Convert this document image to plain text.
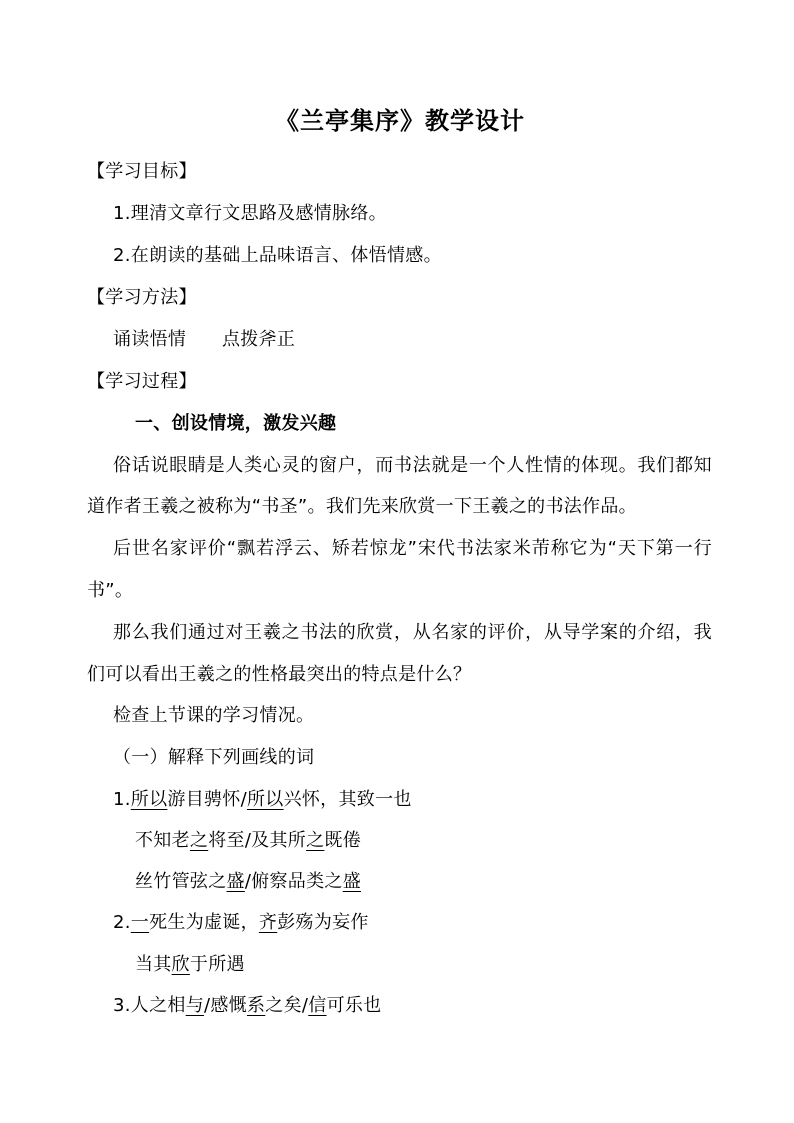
《兰亭集序》教学设计
【学习目标】
1.理清文章行文思路及感情脉络。
2.在朗读的基础上品味语言、体悟情感。
【学习方法】
诵读悟情 点拨斧正
【学习过程】
一、创设情境，激发兴趣
俗话说眼睛是人类心灵的窗户，而书法就是一个人性情的体现。我们都知
道作者王羲之被称为“书圣”。我们先来欣赏一下王羲之的书法作品。
后世名家评价“飘若浮云、矫若惊龙”宋代书法家米芾称它为“天下第一行
书”。
那么我们通过对王羲之书法的欣赏，从名家的评价，从导学案的介绍，我
们可以看出王羲之的性格最突出的特点是什么？
检查上节课的学习情况。
（一）解释下列画线的词
1.所以游目骋怀/所以兴怀，其致一也
不知老之将至/及其所之既倦
丝竹管弦之盛/俯察品类之盛
2.一死生为虚诞，齐彭殇为妄作
当其欣于所遇
3.人之相与/感慨系之矣/信可乐也
